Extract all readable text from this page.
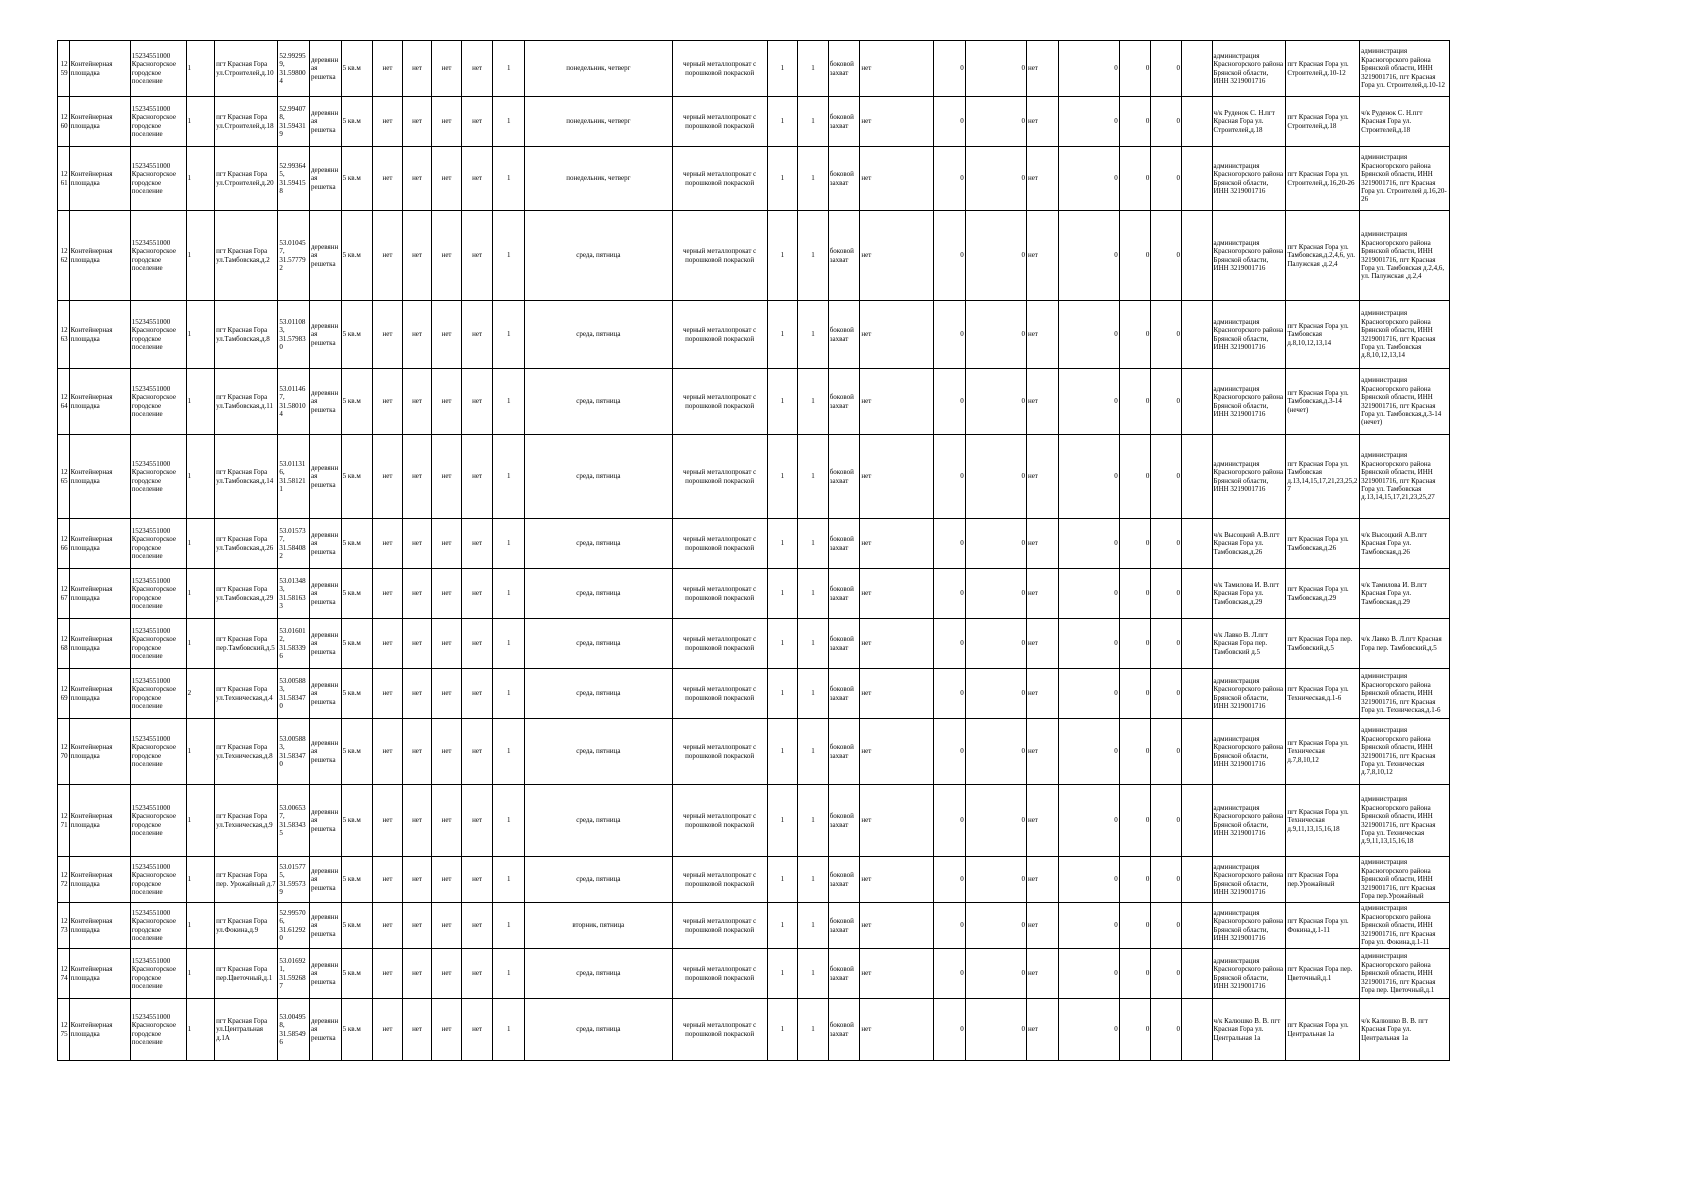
1259	Контейнерная площадка	15234551000 Красногорское городское поселение	1	пгт Красная Гора ул.Строителей,д.10	52.99295 9, 31.59800 4	деревянная решетка	5 кв.м	нет	нет	нет	нет	1	понедельник, четверг	черный металлопрокат с порошковой покраской	1	1	боковой захват	нет	0	0	нет	0	0	0		администрация Красногорского района Брянской области, ИНН 3219001716	пгт Красная Гора ул. Строителей,д.10-12	администрация Красногорского района Брянской области, ИНН 3219001716, пгт Красная Гора ул. Строителей,д.10-12
1260	Контейнерная площадка	15234551000 Красногорское городское поселение	1	пгт Красная Гора ул.Строителей,д.18	52.99407 8, 31.59431 9	деревянная решетка	5 кв.м	нет	нет	нет	нет	1	понедельник, четверг	черный металлопрокат с порошковой покраской	1	1	боковой захват	нет	0	0	нет	0	0	0		ч/к Руденок С. Н.пгт Красная Гора ул. Строителей,д.18	пгт Красная Гора ул. Строителей,д.18	ч/к Руденок С. Н.пгт Красная Гора ул. Строителей,д.18
1261	Контейнерная площадка	15234551000 Красногорское городское поселение	1	пгт Красная Гора ул.Строителей,д.20	52.99364 5, 31.59415 8	деревянная решетка	5 кв.м	нет	нет	нет	нет	1	понедельник, четверг	черный металлопрокат с порошковой покраской	1	1	боковой захват	нет	0	0	нет	0	0	0		администрация Красногорского района Брянской области, ИНН 3219001716	пгт Красная Гора ул. Строителей,д.16,20-26	администрация Красногорского района Брянской области, ИНН 3219001716, пгт Красная Гора ул. Строителей д.16,20-26
1262	Контейнерная площадка	15234551000 Красногорское городское поселение	1	пгт Красная Гора ул.Тамбовская,д.2	53.01045 7, 31.57779 2	деревянная решетка	5 кв.м	нет	нет	нет	нет	1	среда, пятница	черный металлопрокат с порошковой покраской	1	1	боковой захват	нет	0	0	нет	0	0	0		администрация Красногорского района Брянской области, ИНН 3219001716	пгт Красная Гора ул. Тамбовская,д.2,4,6, ул. Палужская ,д.2,4	администрация Красногорского района Брянской области, ИНН 3219001716, пгт Красная Гора ул. Тамбовская д.2,4,6, ул. Палужская ,д.2,4
1263	Контейнерная площадка	15234551000 Красногорское городское поселение	1	пгт Красная Гора ул.Тамбовская,д.8	53.01108 3, 31.57983 0	деревянная решетка	5 кв.м	нет	нет	нет	нет	1	среда, пятница	черный металлопрокат с порошковой покраской	1	1	боковой захват	нет	0	0	нет	0	0	0		администрация Красногорского района Брянской области, ИНН 3219001716	пгт Красная Гора ул. Тамбовская д.8,10,12,13,14	администрация Красногорского района Брянской области, ИНН 3219001716, пгт Красная Гора ул. Тамбовская д.8,10,12,13,14
1264	Контейнерная площадка	15234551000 Красногорское городское поселение	1	пгт Красная Гора ул.Тамбовская,д.11	53.01146 7, 31.58010 4	деревянная решетка	5 кв.м	нет	нет	нет	нет	1	среда, пятница	черный металлопрокат с порошковой покраской	1	1	боковой захват	нет	0	0	нет	0	0	0		администрация Красногорского района Брянской области, ИНН 3219001716	пгт Красная Гора ул. Тамбовская,д.3-14 (нечет)	администрация Красногорского района Брянской области, ИНН 3219001716, пгт Красная Гора ул. Тамбовская,д.3-14 (нечет)
1265	Контейнерная площадка	15234551000 Красногорское городское поселение	1	пгт Красная Гора ул.Тамбовская,д.14	53.01131 6, 31.58121 1	деревянная решетка	5 кв.м	нет	нет	нет	нет	1	среда, пятница	черный металлопрокат с порошковой покраской	1	1	боковой захват	нет	0	0	нет	0	0	0		администрация Красногорского района Брянской области, ИНН 3219001716	пгт Красная Гора ул. Тамбовская д.13,14,15,17,21,23,25,27	администрация Красногорского района Брянской области, ИНН 3219001716, пгт Красная Гора ул. Тамбовская д.13,14,15,17,21,23,25,27
1266	Контейнерная площадка	15234551000 Красногорское городское поселение	1	пгт Красная Гора ул.Тамбовская,д.26	53.01573 7, 31.58408 2	деревянная решетка	5 кв.м	нет	нет	нет	нет	1	среда, пятница	черный металлопрокат с порошковой покраской	1	1	боковой захват	нет	0	0	нет	0	0	0		ч/к Высоцкий А.В.пгт Красная Гора ул. Тамбовская,д.26	пгт Красная Гора ул. Тамбовская,д.26	ч/к Высоцкий А.В.пгт Красная Гора ул. Тамбовская,д.26
1267	Контейнерная площадка	15234551000 Красногорское городское поселение	1	пгт Красная Гора ул.Тамбовская,д.29	53.01348 3, 31.58163 3	деревянная решетка	5 кв.м	нет	нет	нет	нет	1	среда, пятница	черный металлопрокат с порошковой покраской	1	1	боковой захват	нет	0	0	нет	0	0	0		ч/к Тамилова И. В.пгт Красная Гора ул. Тамбовская,д.29	пгт Красная Гора ул. Тамбовская,д.29	ч/к Тамилова И. В.пгт Красная Гора ул. Тамбовская,д.29
1268	Контейнерная площадка	15234551000 Красногорское городское поселение	1	пгт Красная Гора пер.Тамбовский,д.5	53.01601 2, 31.58339 6	деревянная решетка	5 кв.м	нет	нет	нет	нет	1	среда, пятница	черный металлопрокат с порошковой покраской	1	1	боковой захват	нет	0	0	нет	0	0	0		ч/к Лавко В. Л.пгт Красная Гора пер. Тамбовский д.5	пгт Красная Гора пер. Тамбовский,д.5	ч/к Лавко В. Л.пгт Красная Гора пер. Тамбовский,д.5
1269	Контейнерная площадка	15234551000 Красногорское городское поселение	2	пгт Красная Гора ул.Техническая,д.4	53.00588 3, 31.58347 0	деревянная решетка	5 кв.м	нет	нет	нет	нет	1	среда, пятница	черный металлопрокат с порошковой покраской	1	1	боковой захват	нет	0	0	нет	0	0	0		администрация Красногорского района Брянской области, ИНН 3219001716	пгт Красная Гора ул. Техническая,д.1-6	администрация Красногорского района Брянской области, ИНН 3219001716, пгт Красная Гора ул. Техническая,д.1-6
1270	Контейнерная площадка	15234551000 Красногорское городское поселение	1	пгт Красная Гора ул.Техническая,д.8	53.00588 3, 31.58347 0	деревянная решетка	5 кв.м	нет	нет	нет	нет	1	среда, пятница	черный металлопрокат с порошковой покраской	1	1	боковой захват	нет	0	0	нет	0	0	0		администрация Красногорского района Брянской области, ИНН 3219001716	пгт Красная Гора ул. Техническая д.7,8,10,12	администрация Красногорского района Брянской области, ИНН 3219001716, пгт Красная Гора ул. Техническая д.7,8,10,12
1271	Контейнерная площадка	15234551000 Красногорское городское поселение	1	пгт Красная Гора ул.Техническая,д.9	53.00653 7, 31.58343 5	деревянная решетка	5 кв.м	нет	нет	нет	нет	1	среда, пятница	черный металлопрокат с порошковой покраской	1	1	боковой захват	нет	0	0	нет	0	0	0		администрация Красногорского района Брянской области, ИНН 3219001716	пгт Красная Гора ул. Техническая д.9,11,13,15,16,18	администрация Красногорского района Брянской области, ИНН 3219001716, пгт Красная Гора ул. Техническая д.9,11,13,15,16,18
1272	Контейнерная площадка	15234551000 Красногорское городское поселение	1	пгт Красная Гора пер. Урожайный д.7	53.01577 5, 31.59573 9	деревянная решетка	5 кв.м	нет	нет	нет	нет	1	среда, пятница	черный металлопрокат с порошковой покраской	1	1	боковой захват	нет	0	0	нет	0	0	0		администрация Красногорского района Брянской области, ИНН 3219001716	пгт Красная Гора пер.Урожайный	администрация Красногорского района Брянской области, ИНН 3219001716, пгт Красная Гора пер.Урожайный
1273	Контейнерная площадка	15234551000 Красногорское городское поселение	1	пгт Красная Гора ул.Фокина,д.9	52.99570 6, 31.61292 0	деревянная решетка	5 кв.м	нет	нет	нет	нет	1	вторник, пятница	черный металлопрокат с порошковой покраской	1	1	боковой захват	нет	0	0	нет	0	0	0		администрация Красногорского района Брянской области, ИНН 3219001716	пгт Красная Гора ул. Фокина,д.1-11	администрация Красногорского района Брянской области, ИНН 3219001716, пгт Красная Гора ул. Фокина,д.1-11
1274	Контейнерная площадка	15234551000 Красногорское городское поселение	1	пгт Красная Гора пер.Цветочный,д.1	53.01692 1, 31.59268 7	деревянная решетка	5 кв.м	нет	нет	нет	нет	1	среда, пятница	черный металлопрокат с порошковой покраской	1	1	боковой захват	нет	0	0	нет	0	0	0		администрация Красногорского района Брянской области, ИНН 3219001716	пгт Красная Гора пер. Цветочный,д.1	администрация Красногорского района Брянской области, ИНН 3219001716, пгт Красная Гора пер. Цветочный,д.1
1275	Контейнерная площадка	15234551000 Красногорское городское поселение	1	пгт Красная Гора ул.Центральная д.1А	53.00495 8, 31.58549 6	деревянная решетка	5 кв.м	нет	нет	нет	нет	1	среда, пятница	черный металлопрокат с порошковой покраской	1	1	боковой захват	нет	0	0	нет	0	0	0		ч/к Калюшко В. В. пгт Красная Гора ул. Центральная 1а	пгт Красная Гора ул. Центральная 1а	ч/к Калюшко В. В. пгт Красная Гора ул. Центральная 1а
